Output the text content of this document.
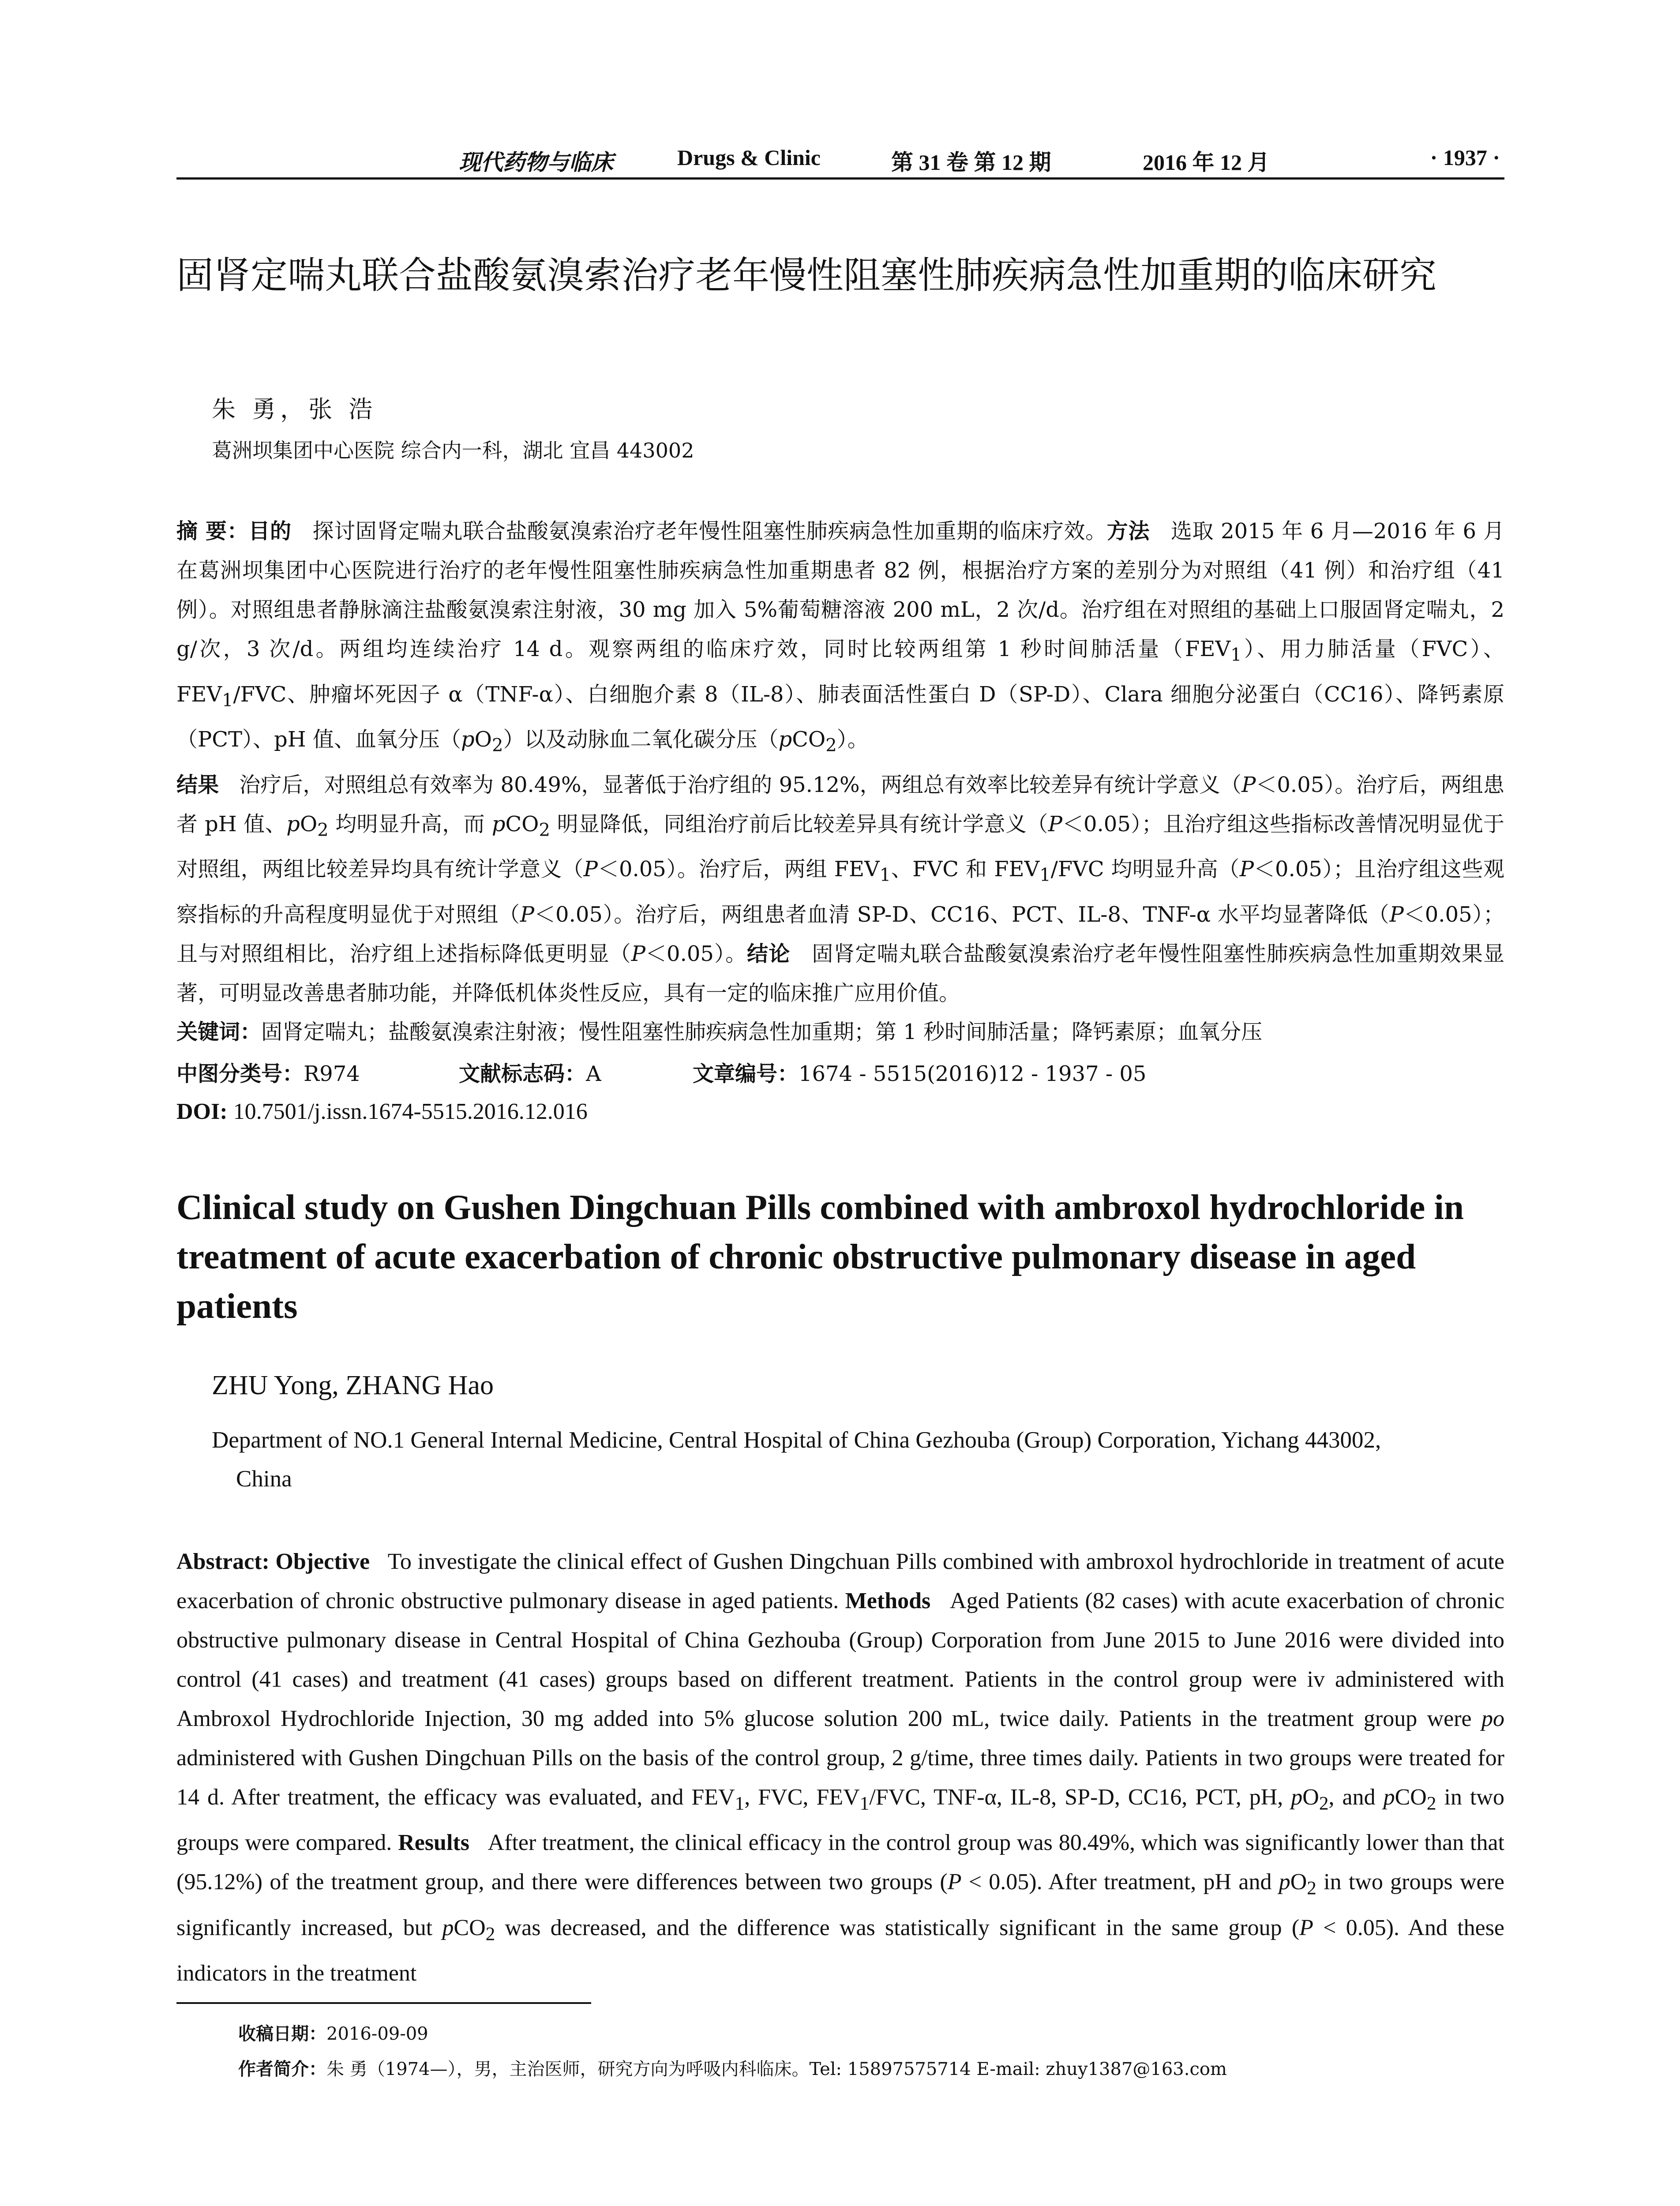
现代药物与临床	Drugs & Clinic	第 31 卷 第 12 期	2016 年 12 月	· 1937 ·
固肾定喘丸联合盐酸氨溴索治疗老年慢性阻塞性肺疾病急性加重期的临床研究
朱 勇，张 浩
葛洲坝集团中心医院 综合内一科，湖北 宜昌 443002
摘 要：目的 探讨固肾定喘丸联合盐酸氨溴索治疗老年慢性阻塞性肺疾病急性加重期的临床疗效。方法 选取 2015 年 6 月—2016 年 6 月在葛洲坝集团中心医院进行治疗的老年慢性阻塞性肺疾病急性加重期患者 82 例，根据治疗方案的差别分为对照组（41 例）和治疗组（41 例）。对照组患者静脉滴注盐酸氨溴索注射液，30 mg 加入 5%葡萄糖溶液 200 mL，2 次/d。治疗组在对照组的基础上口服固肾定喘丸，2 g/次，3 次/d。两组均连续治疗 14 d。观察两组的临床疗效，同时比较两组第 1 秒时间肺活量$(FEV_1)$、用力肺活量（FVC）、$FEV_1$/FVC、肿瘤坏死因子 α（TNF-α）、白细胞介素 8（IL-8）、肺表面活性蛋白 D（SP-D）、Clara 细胞分泌蛋白（CC16）、降钙素原（PCT）、pH 值、血氧分压$(pO_2)$以及动脉血二氧化碳分压（pCO$_2$）。
结果 治疗后，对照组总有效率为 80.49%，显著低于治疗组的 95.12%，两组总有效率比较差异有统计学意义（P＜0.05）。治疗后，两组患者 pH 值、$pO_2$ 均明显升高，而 pCO$_2$ 明显降低，同组治疗前后比较差异具有统计学意义（P＜0.05）；且治疗组这些指标改善情况明显优于对照组，两组比较差异均具有统计学意义（P＜0.05）。治疗后，两组 $FEV_1$、FVC 和 $FEV_1$/FVC 均明显升高（P＜0.05）；且治疗组这些观察指标的升高程度明显优于对照组（P＜0.05）。治疗后，两组患者血清 SP-D、CC16、PCT、IL-8、TNF-α 水平均显著降低（P＜0.05）；且与对照组相比，治疗组上述指标降低更明显（P＜0.05）。结论 固肾定喘丸联合盐酸氨溴索治疗老年慢性阻塞性肺疾病急性加重期效果显著，可明显改善患者肺功能，并降低机体炎性反应，具有一定的临床推广应用价值。
关键词：固肾定喘丸；盐酸氨溴索注射液；慢性阻塞性肺疾病急性加重期；第 1 秒时间肺活量；降钙素原；血氧分压
中图分类号：R974	文献标志码：A	文章编号：1674 - 5515(2016)12 - 1937 - 05
DOI: 10.7501/j.issn.1674-5515.2016.12.016
Clinical study on Gushen Dingchuan Pills combined with ambroxol hydrochloride in treatment of acute exacerbation of chronic obstructive pulmonary disease in aged patients
ZHU Yong, ZHANG Hao
Department of NO.1 General Internal Medicine, Central Hospital of China Gezhouba (Group) Corporation, Yichang 443002,
China
Abstract: Objective To investigate the clinical effect of Gushen Dingchuan Pills combined with ambroxol hydrochloride in treatment of acute exacerbation of chronic obstructive pulmonary disease in aged patients. Methods Aged Patients (82 cases) with acute exacerbation of chronic obstructive pulmonary disease in Central Hospital of China Gezhouba (Group) Corporation from June 2015 to June 2016 were divided into control (41 cases) and treatment (41 cases) groups based on different treatment. Patients in the control group were iv administered with Ambroxol Hydrochloride Injection, 30 mg added into 5% glucose solution 200 mL, twice daily. Patients in the treatment group were po administered with Gushen Dingchuan Pills on the basis of the control group, 2 g/time, three times daily. Patients in two groups were treated for 14 d. After treatment, the efficacy was evaluated, and $FEV_1$, FVC, $FEV_1$/FVC, TNF-α, IL-8, SP-D, CC16, PCT, pH, $pO_2$, and pCO$_2$ in two groups were compared. Results After treatment, the clinical efficacy in the control group was 80.49%, which was significantly lower than that (95.12%) of the treatment group, and there were differences between two groups (P < 0.05). After treatment, pH and $pO_2$ in two groups were significantly increased, but pCO$_2$ was decreased, and the difference was statistically significant in the same group (P < 0.05). And these indicators in the treatment
收稿日期：2016-09-09
作者简介：朱 勇（1974—），男，主治医师，研究方向为呼吸内科临床。Tel: 15897575714 E-mail: zhuy1387@163.com
